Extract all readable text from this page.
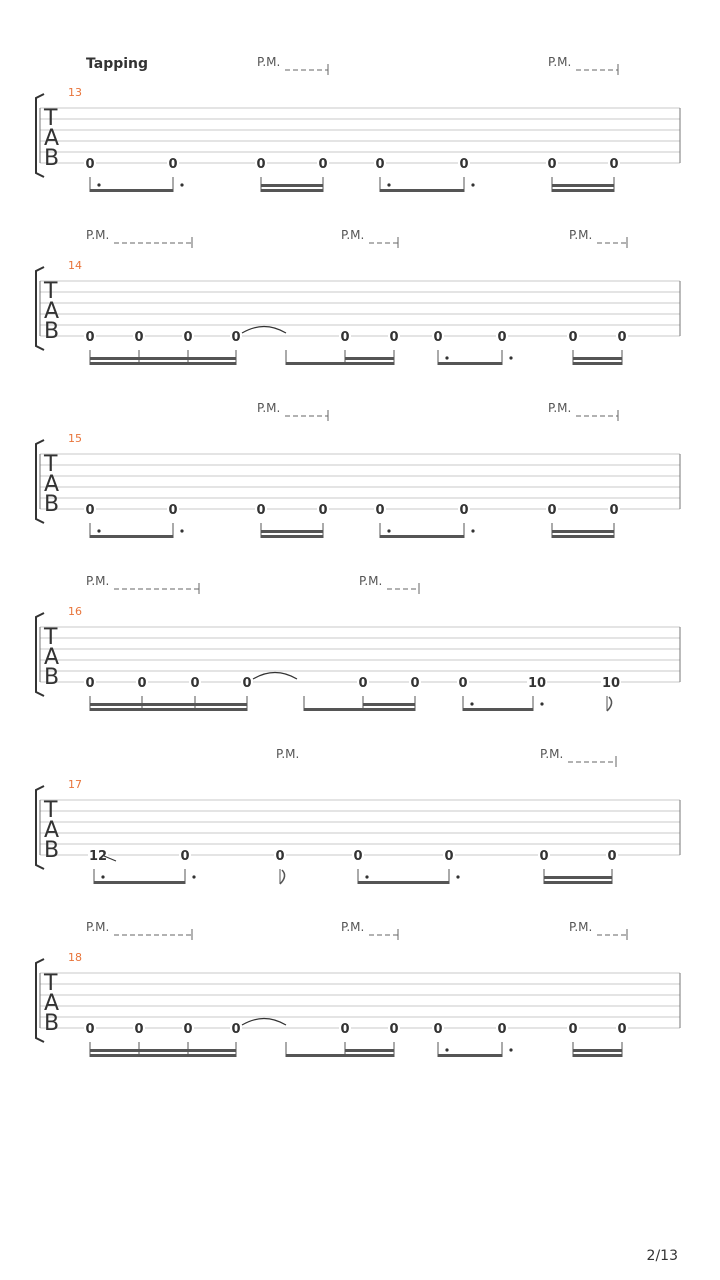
Tapping
13
T
A
B
P.M.	P.M.
0	0	0	0	0	0	0	0
14
T
A
B
P.M.	P.M.	P.M.
0	0	0	0	0	0	0	0	0	0
15
T
A
B
P.M.	P.M.
0	0	0	0	0	0	0	0
16
T
A
B
P.M.	P.M.
0	0	0	0	0	0	0	10	10
17
T
A
B
P.M.	P.M.
12	0	0	0	0	0	0
18
T
A
B
P.M.	P.M.	P.M.
0	0	0	0	0	0	0	0	0	0
2/13
